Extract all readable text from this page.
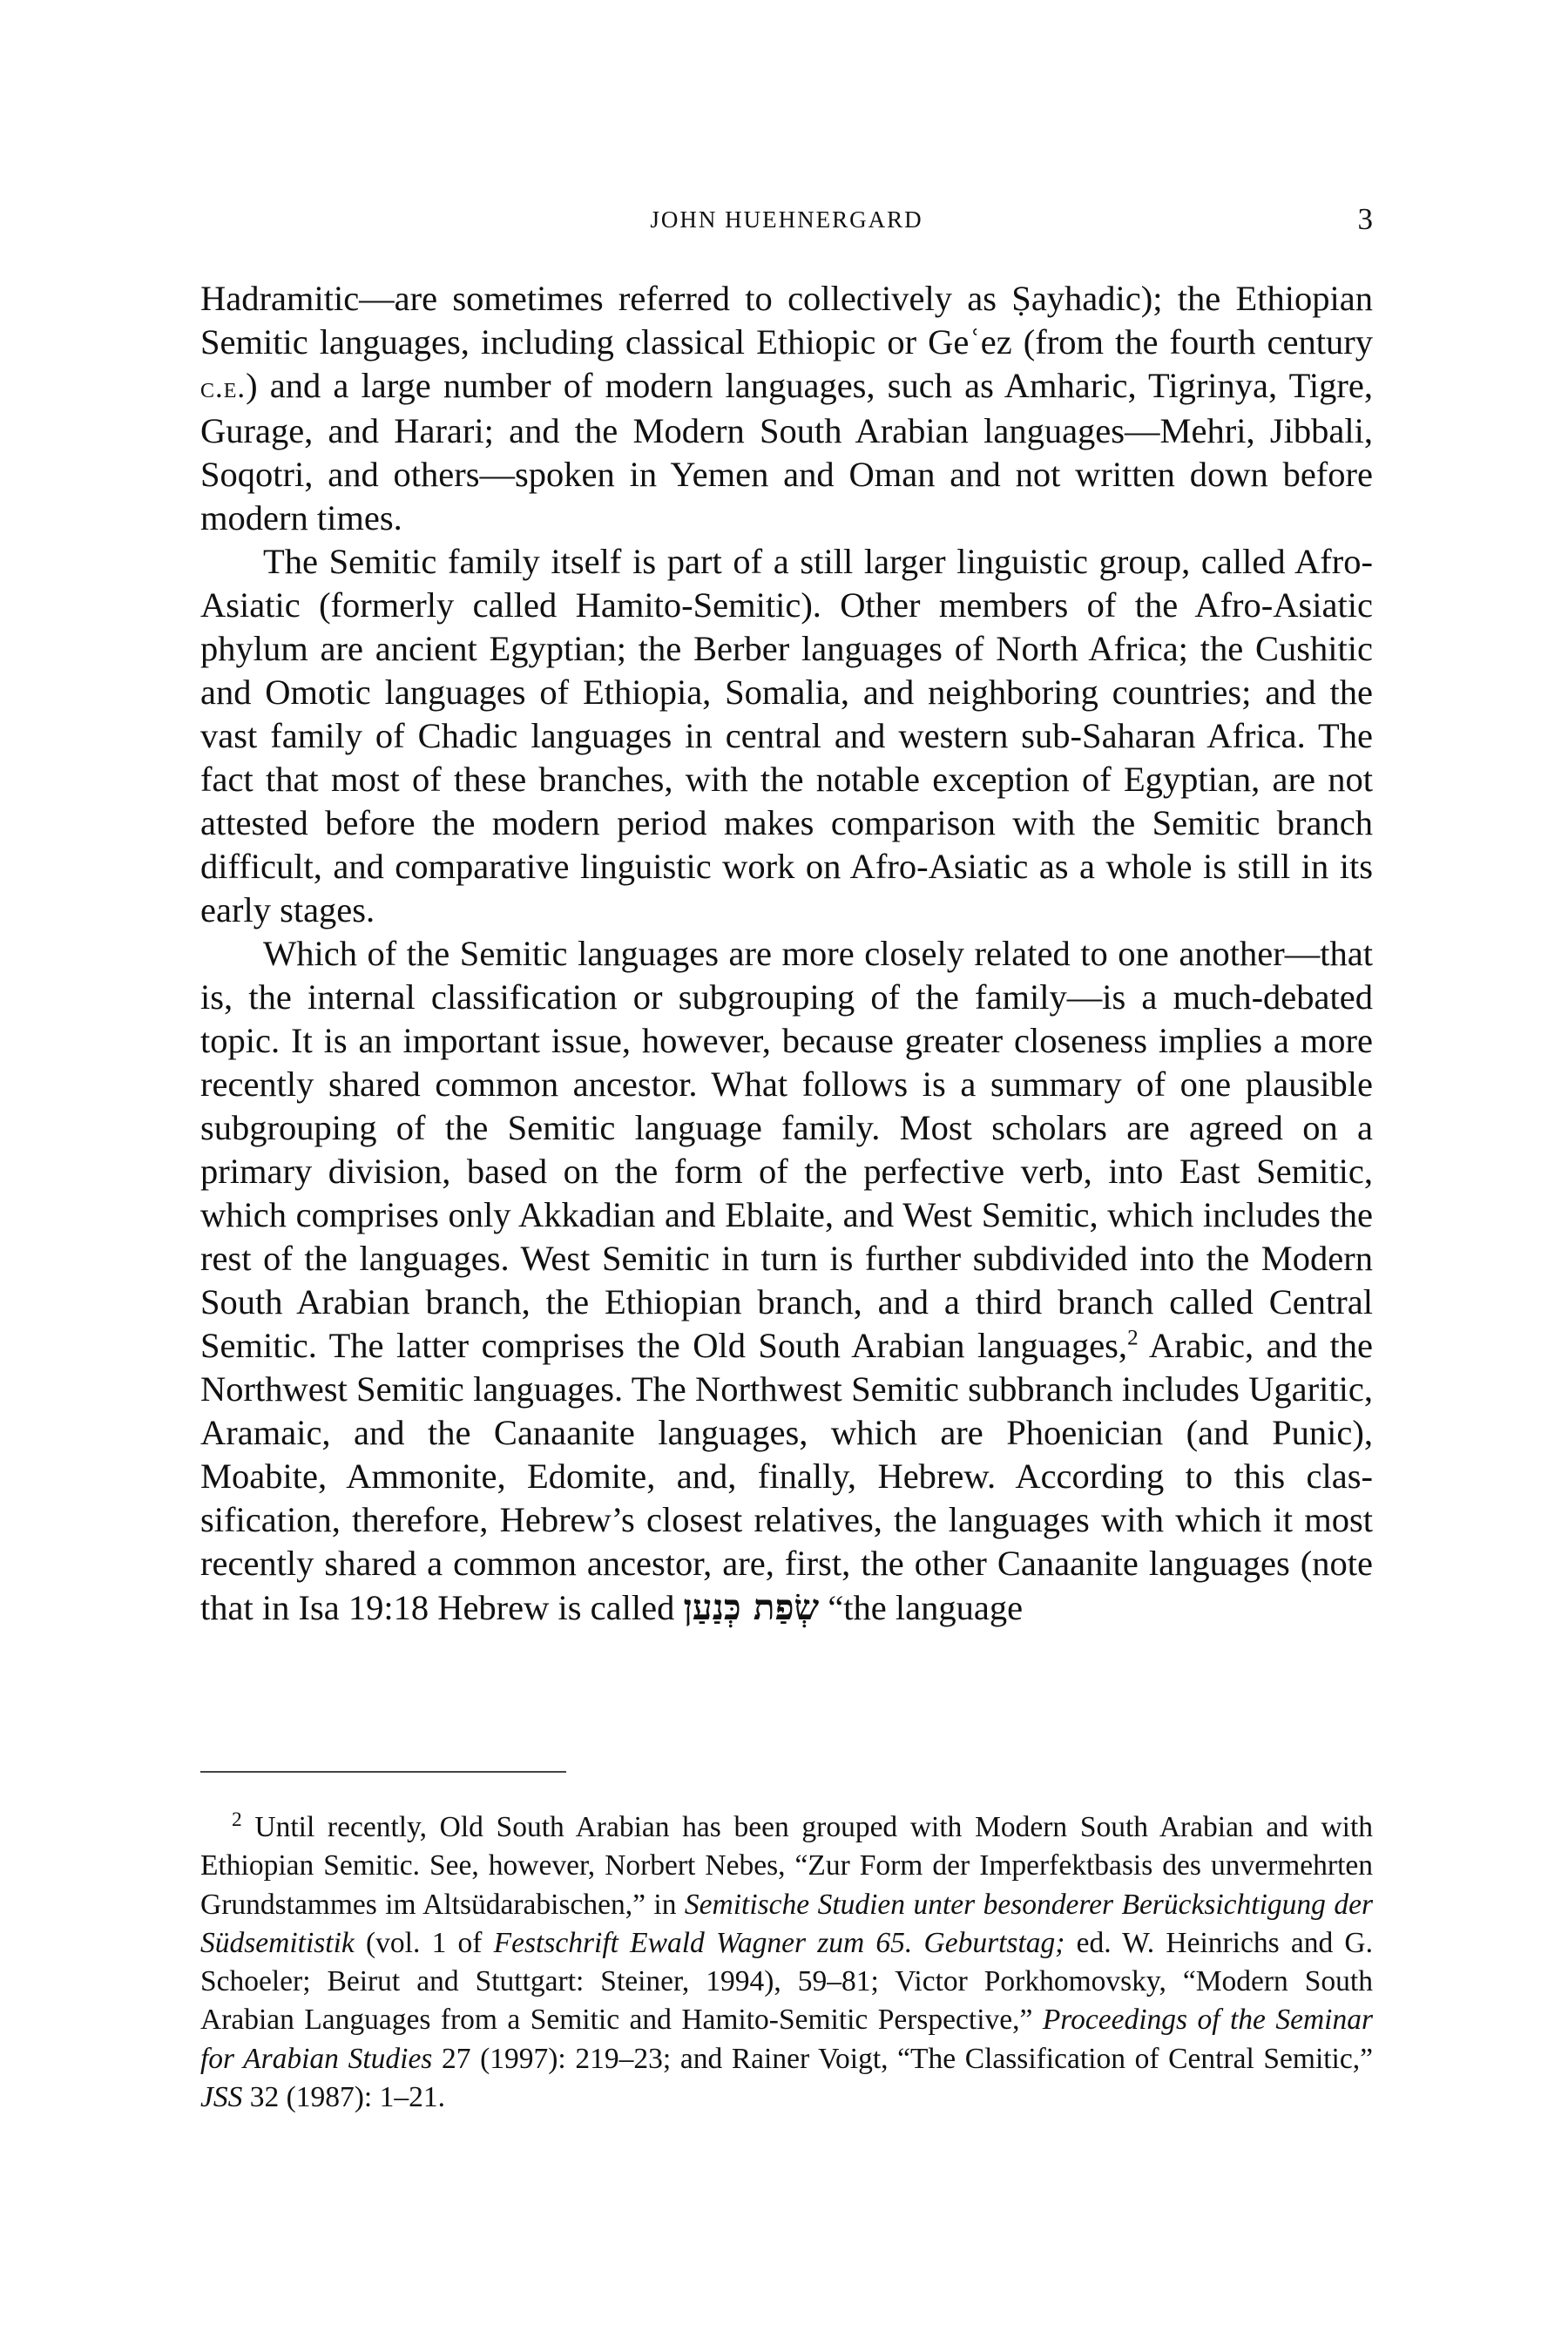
JOHN HUEHNERGARD	3

Hadramitic—are sometimes referred to collectively as Ṣayhadic); the Ethiopian Semitic languages, including classical Ethiopic or Geʿez (from the fourth century c.e.) and a large number of modern languages, such as Amharic, Tigrinya, Tigre, Gurage, and Harari; and the Modern South Arabian languages—Mehri, Jibbali, Soqotri, and others—spoken in Yemen and Oman and not written down before modern times.

The Semitic family itself is part of a still larger linguistic group, called Afro-Asiatic (formerly called Hamito-Semitic). Other members of the Afro-Asiatic phylum are ancient Egyptian; the Berber languages of North Africa; the Cushitic and Omotic languages of Ethiopia, Somalia, and neighboring countries; and the vast family of Chadic languages in central and western sub-Saharan Africa. The fact that most of these branches, with the notable exception of Egyptian, are not attested before the modern period makes comparison with the Semitic branch difficult, and comparative linguistic work on Afro-Asiatic as a whole is still in its early stages.

Which of the Semitic languages are more closely related to one another—that is, the internal classification or subgrouping of the family—is a much-debated topic. It is an important issue, however, because greater closeness implies a more recently shared common ancestor. What follows is a summary of one plausible subgrouping of the Semitic language family. Most scholars are agreed on a primary division, based on the form of the perfective verb, into East Semitic, which comprises only Akkadian and Eblaite, and West Semitic, which includes the rest of the languages. West Semitic in turn is further subdivided into the Modern South Arabian branch, the Ethiopian branch, and a third branch called Central Semitic. The latter comprises the Old South Arabian languages,$^2$ Arabic, and the Northwest Semitic languages. The Northwest Semitic subbranch includes Ugaritic, Aramaic, and the Canaanite languages, which are Phoenician (and Punic), Moabite, Ammonite, Edomite, and, finally, Hebrew. According to this classification, therefore, Hebrew’s closest relatives, the languages with which it most recently shared a common ancestor, are, first, the other Canaanite languages (note that in Isa 19:18 Hebrew is called שְׂפַת כְּנַעַן “the language

$^2$ Until recently, Old South Arabian has been grouped with Modern South Arabian and with Ethiopian Semitic. See, however, Norbert Nebes, “Zur Form der Imperfektbasis des unvermehrten Grundstammes im Altsüdarabischen,” in Semitische Studien unter besonderer Berücksichtigung der Südsemitistik (vol. 1 of Festschrift Ewald Wagner zum 65. Geburtstag; ed. W. Heinrichs and G. Schoeler; Beirut and Stuttgart: Steiner, 1994), 59–81; Victor Porkhomovsky, “Modern South Arabian Languages from a Semitic and Hamito-Semitic Perspective,” Proceedings of the Seminar for Arabian Studies 27 (1997): 219–23; and Rainer Voigt, “The Classification of Central Semitic,” JSS 32 (1987): 1–21.
